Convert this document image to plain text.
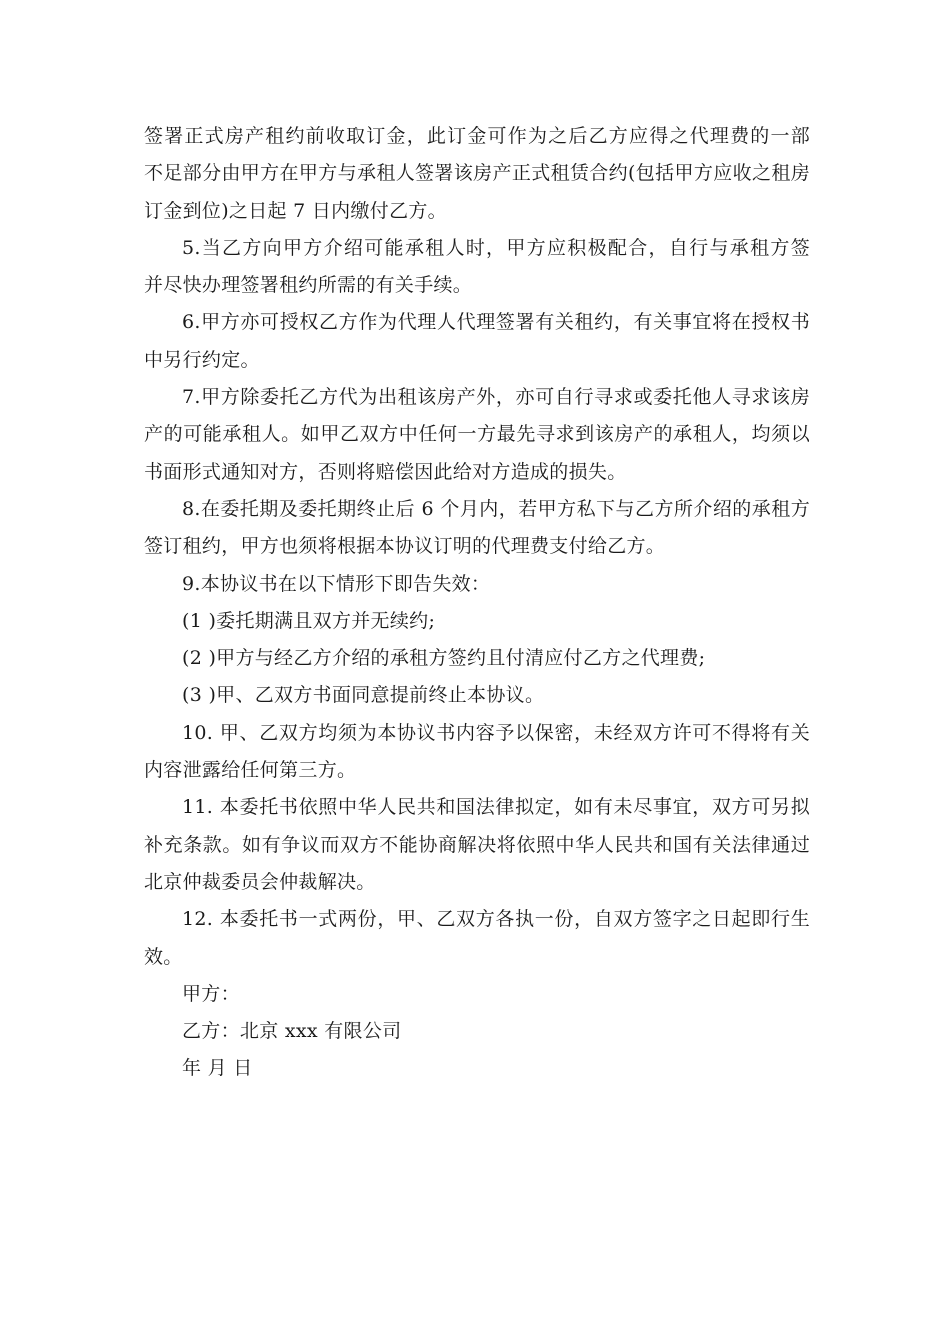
签署正式房产租约前收取订金，此订金可作为之后乙方应得之代理费的一部
不足部分由甲方在甲方与承租人签署该房产正式租赁合约(包括甲方应收之租房
订金到位)之日起 7 日内缴付乙方。
5.当乙方向甲方介绍可能承租人时，甲方应积极配合，自行与承租方签
并尽快办理签署租约所需的有关手续。
6.甲方亦可授权乙方作为代理人代理签署有关租约，有关事宜将在授权书
中另行约定。
7.甲方除委托乙方代为出租该房产外，亦可自行寻求或委托他人寻求该房
产的可能承租人。如甲乙双方中任何一方最先寻求到该房产的承租人，均须以
书面形式通知对方，否则将赔偿因此给对方造成的损失。
8.在委托期及委托期终止后 6 个月内，若甲方私下与乙方所介绍的承租方
签订租约，甲方也须将根据本协议订明的代理费支付给乙方。
9.本协议书在以下情形下即告失效：
(1 )委托期满且双方并无续约;
(2 )甲方与经乙方介绍的承租方签约且付清应付乙方之代理费;
(3 )甲、乙双方书面同意提前终止本协议。
10. 甲、乙双方均须为本协议书内容予以保密，未经双方许可不得将有关
内容泄露给任何第三方。
11. 本委托书依照中华人民共和国法律拟定，如有未尽事宜，双方可另拟
补充条款。如有争议而双方不能协商解决将依照中华人民共和国有关法律通过
北京仲裁委员会仲裁解决。
12. 本委托书一式两份，甲、乙双方各执一份，自双方签字之日起即行生
效。
甲方：
乙方：北京 xxx 有限公司
年 月 日
